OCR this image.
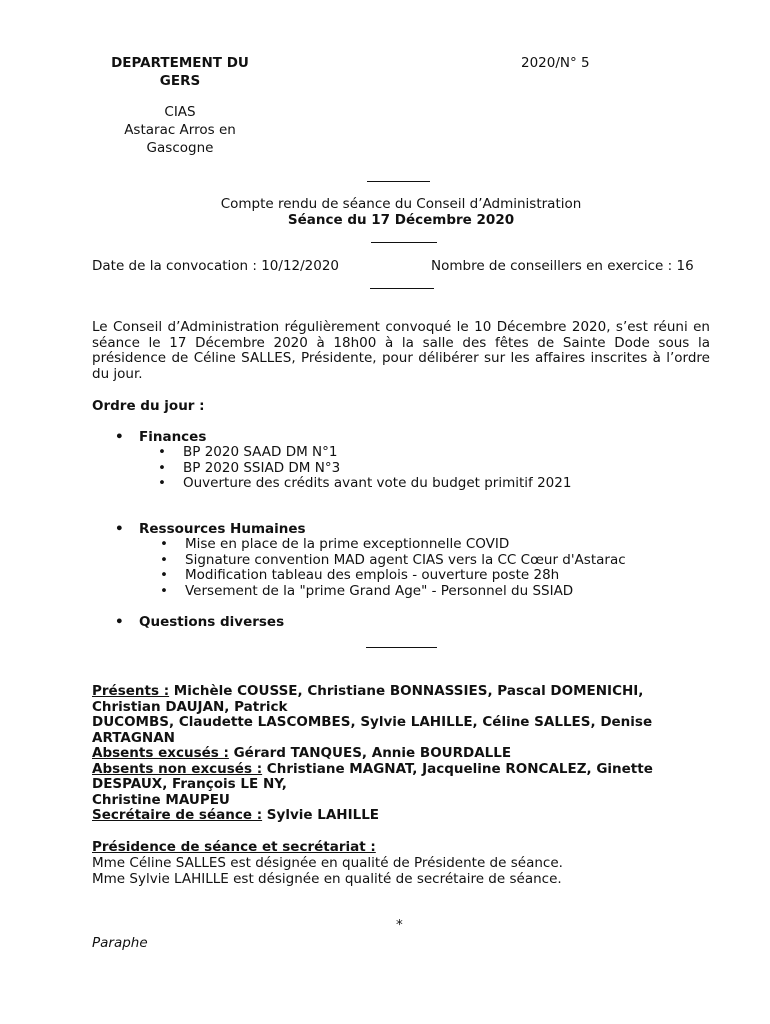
DEPARTEMENT DU GERS
2020/N° 5
CIAS
Astarac Arros en
Gascogne
Compte rendu de séance du Conseil d’Administration
Séance du 17 Décembre 2020
Date de la convocation : 10/12/2020	Nombre de conseillers en exercice : 16
Le Conseil d’Administration régulièrement convoqué le 10 Décembre 2020, s’est réuni en séance le 17 Décembre 2020 à 18h00 à la salle des fêtes de Sainte Dode sous la présidence de Céline SALLES, Présidente, pour délibérer sur les affaires inscrites à l’ordre du jour.
Ordre du jour :
• Finances
• BP 2020 SAAD DM N°1
• BP 2020 SSIAD DM N°3
• Ouverture des crédits avant vote du budget primitif 2021
• Ressources Humaines
• Mise en place de la prime exceptionnelle COVID
• Signature convention MAD agent CIAS vers la CC Cœur d'Astarac
• Modification tableau des emplois - ouverture poste 28h
• Versement de la "prime Grand Age" - Personnel du SSIAD
• Questions diverses
Présents : Michèle COUSSE, Christiane BONNASSIES, Pascal DOMENICHI,
Christian DAUJAN, Patrick
DUCOMBS, Claudette LASCOMBES, Sylvie LAHILLE, Céline SALLES, Denise
ARTAGNAN
Absents excusés : Gérard TANQUES, Annie BOURDALLE
Absents non excusés : Christiane MAGNAT, Jacqueline RONCALEZ, Ginette
DESPAUX, François LE NY,
Christine MAUPEU
Secrétaire de séance : Sylvie LAHILLE
Présidence de séance et secrétariat :
Mme Céline SALLES est désignée en qualité de Présidente de séance.
Mme Sylvie LAHILLE est désignée en qualité de secrétaire de séance.
*
Paraphe
